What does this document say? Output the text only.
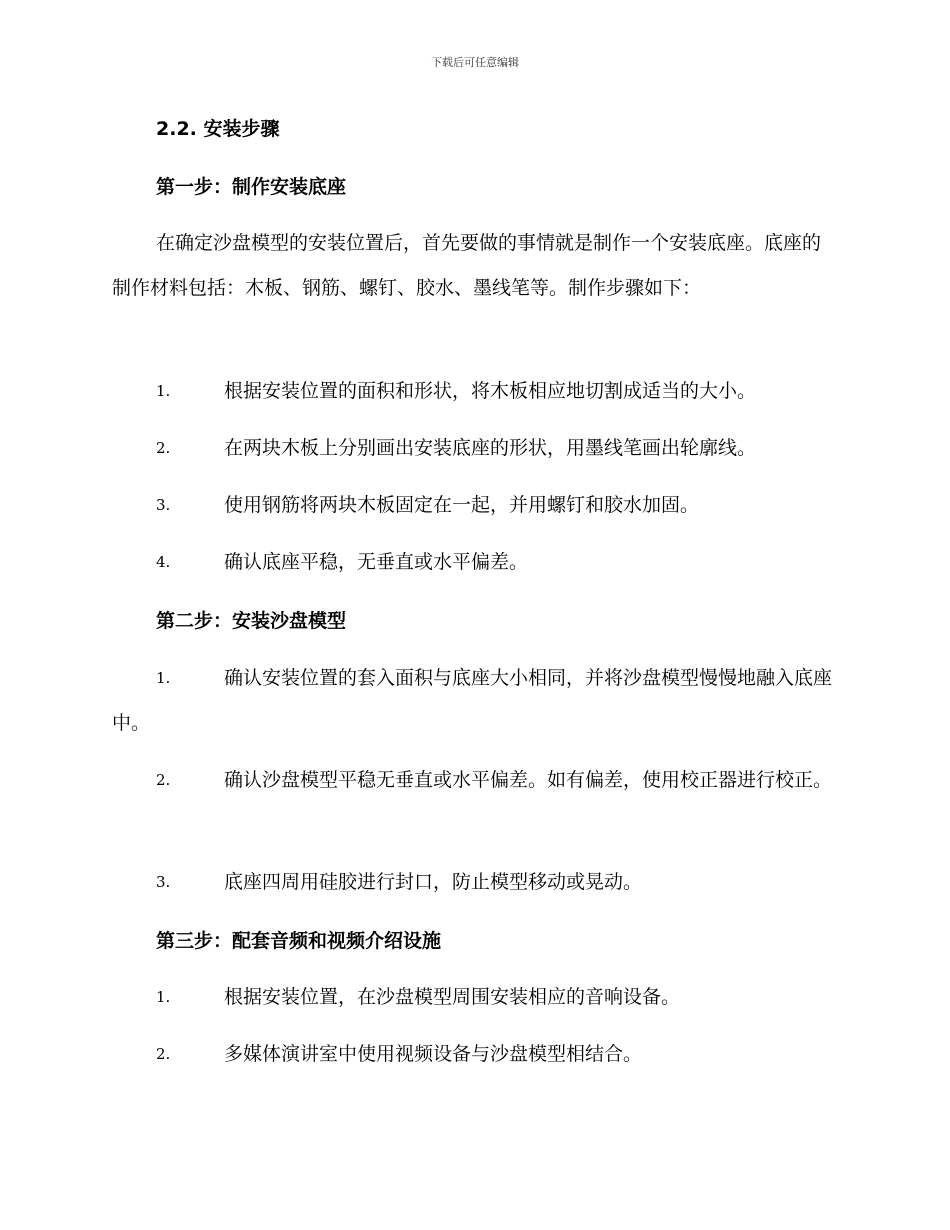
下载后可任意编辑
2.2. 安装步骤
第一步：制作安装底座
在确定沙盘模型的安装位置后，首先要做的事情就是制作一个安装底座。底座的制作材料包括：木板、钢筋、螺钉、胶水、墨线笔等。制作步骤如下：
1.	根据安装位置的面积和形状，将木板相应地切割成适当的大小。
2.	在两块木板上分别画出安装底座的形状，用墨线笔画出轮廓线。
3.	使用钢筋将两块木板固定在一起，并用螺钉和胶水加固。
4.	确认底座平稳，无垂直或水平偏差。
第二步：安装沙盘模型
1.	确认安装位置的套入面积与底座大小相同，并将沙盘模型慢慢地融入底座中。
2.	确认沙盘模型平稳无垂直或水平偏差。如有偏差，使用校正器进行校正。
3.	底座四周用硅胶进行封口，防止模型移动或晃动。
第三步：配套音频和视频介绍设施
1.	根据安装位置，在沙盘模型周围安装相应的音响设备。
2.	多媒体演讲室中使用视频设备与沙盘模型相结合。
